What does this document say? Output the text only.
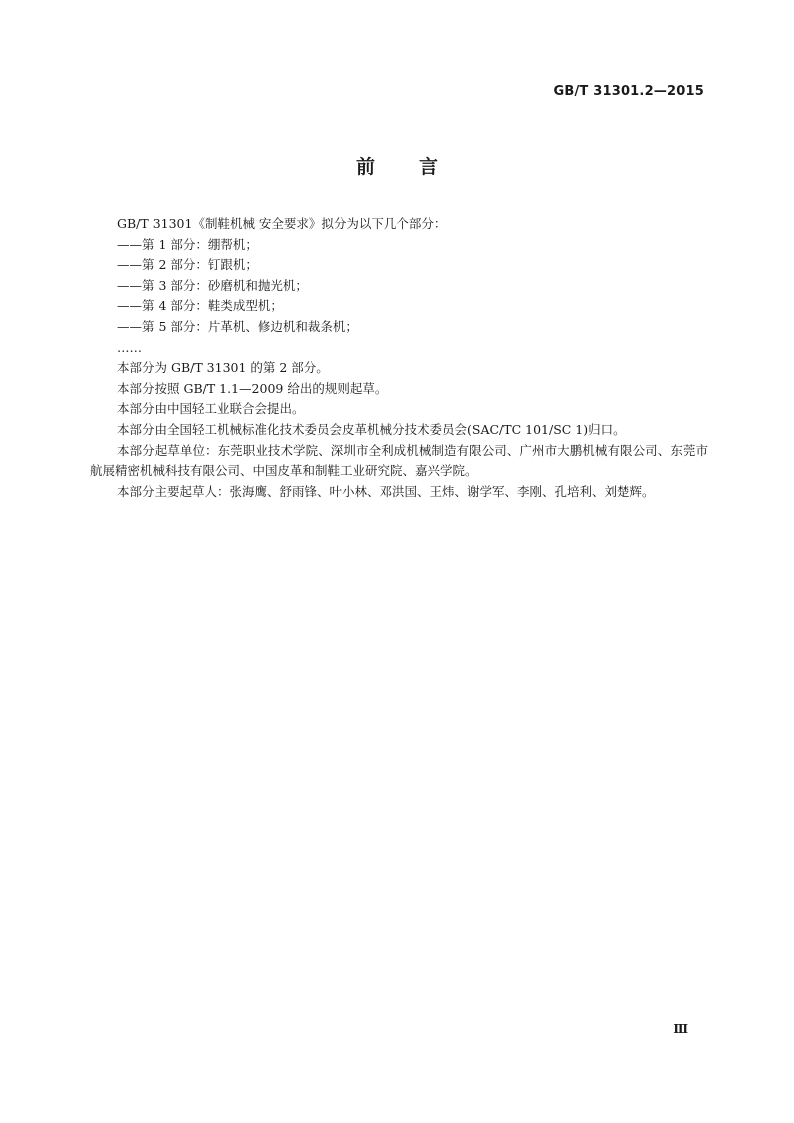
GB/T 31301.2—2015
前言

GB/T 31301《制鞋机械 安全要求》拟分为以下几个部分：

——第 1 部分：绷帮机；

——第 2 部分：钉跟机；

——第 3 部分：砂磨机和抛光机；

——第 4 部分：鞋类成型机；

——第 5 部分：片革机、修边机和裁条机；

……

本部分为 GB/T 31301 的第 2 部分。

本部分按照 GB/T 1.1—2009 给出的规则起草。

本部分由中国轻工业联合会提出。

本部分由全国轻工机械标准化技术委员会皮革机械分技术委员会(SAC/TC 101/SC 1)归口。

本部分起草单位：东莞职业技术学院、深圳市全利成机械制造有限公司、广州市大鹏机械有限公司、东莞市航展精密机械科技有限公司、中国皮革和制鞋工业研究院、嘉兴学院。

本部分主要起草人：张海鹰、舒雨锋、叶小林、邓洪国、王炜、谢学军、李刚、孔培利、刘楚辉。

Ⅲ
